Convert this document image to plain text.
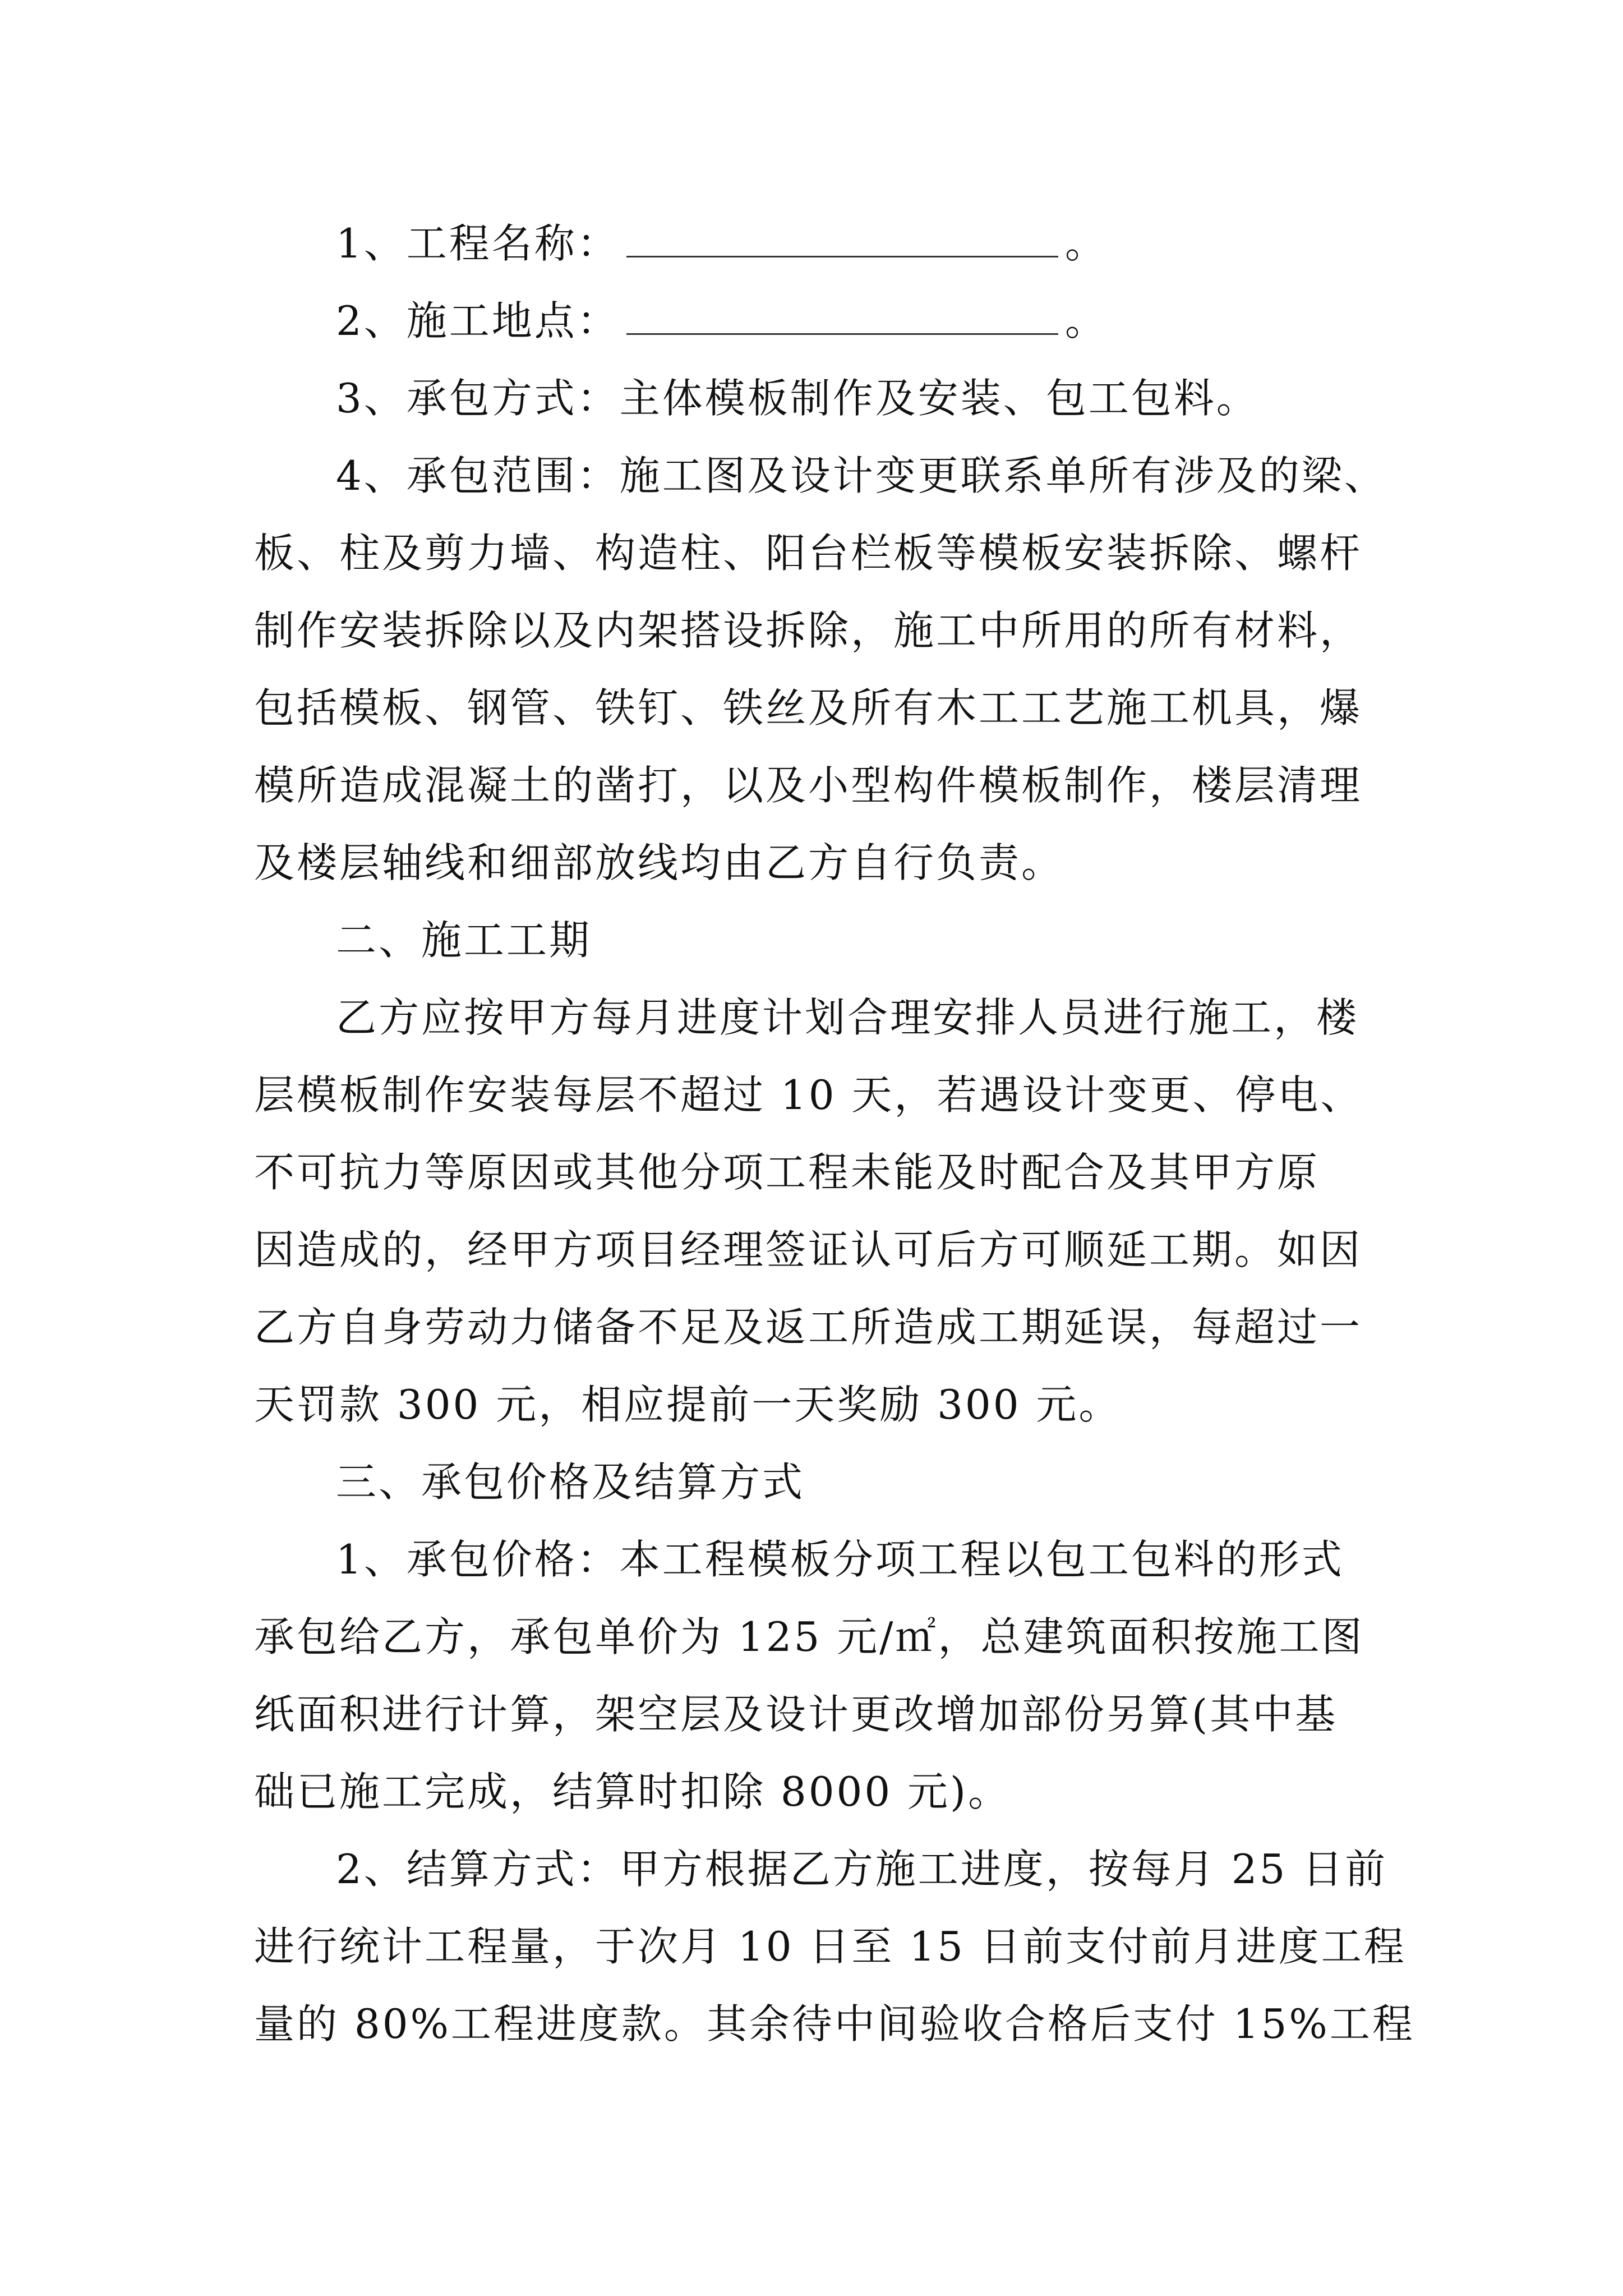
1、工程名称：	。
2、施工地点：	。
3、承包方式：主体模板制作及安装、包工包料。
4、承包范围：施工图及设计变更联系单所有涉及的梁、
板、柱及剪力墙、构造柱、阳台栏板等模板安装拆除、螺杆
制作安装拆除以及内架搭设拆除，施工中所用的所有材料，
包括模板、钢管、铁钉、铁丝及所有木工工艺施工机具，爆
模所造成混凝土的凿打，以及小型构件模板制作，楼层清理
及楼层轴线和细部放线均由乙方自行负责。
二、施工工期
乙方应按甲方每月进度计划合理安排人员进行施工，楼
层模板制作安装每层不超过 10 天，若遇设计变更、停电、
不可抗力等原因或其他分项工程未能及时配合及其甲方原
因造成的，经甲方项目经理签证认可后方可顺延工期。如因
乙方自身劳动力储备不足及返工所造成工期延误，每超过一
天罚款 300 元，相应提前一天奖励 300 元。
三、承包价格及结算方式
1、承包价格：本工程模板分项工程以包工包料的形式
承包给乙方，承包单价为 125 元/㎡，总建筑面积按施工图
纸面积进行计算，架空层及设计更改增加部份另算(其中基
础已施工完成，结算时扣除 8000 元)。
2、结算方式：甲方根据乙方施工进度，按每月 25 日前
进行统计工程量，于次月 10 日至 15 日前支付前月进度工程
量的 80%工程进度款。其余待中间验收合格后支付 15%工程
